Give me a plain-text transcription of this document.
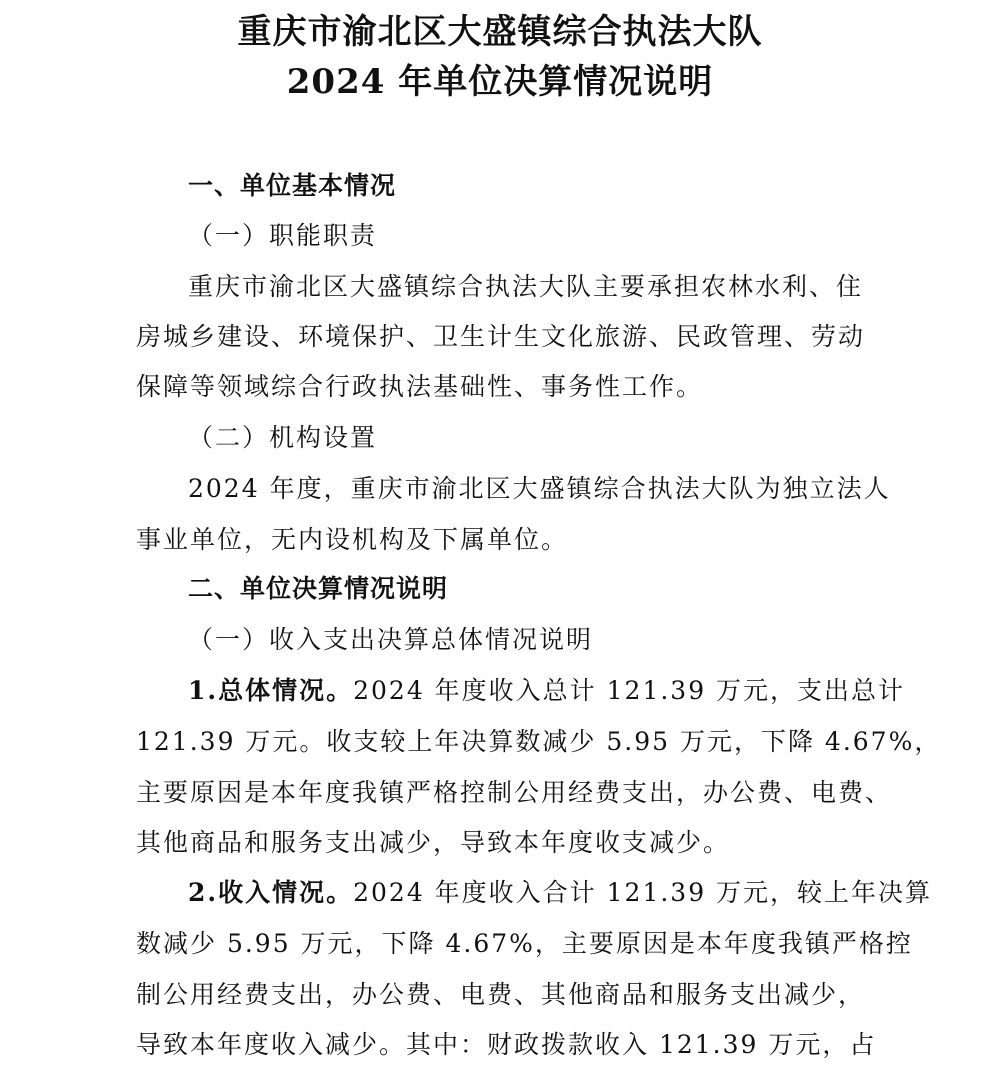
重庆市渝北区大盛镇综合执法大队
2024 年单位决算情况说明
一、单位基本情况
（一）职能职责
重庆市渝北区大盛镇综合执法大队主要承担农林水利、住
房城乡建设、环境保护、卫生计生文化旅游、民政管理、劳动
保障等领域综合行政执法基础性、事务性工作。
（二）机构设置
2024 年度，重庆市渝北区大盛镇综合执法大队为独立法人
事业单位，无内设机构及下属单位。
二、单位决算情况说明
（一）收入支出决算总体情况说明
1.总体情况。2024 年度收入总计 121.39 万元，支出总计
121.39 万元。收支较上年决算数减少 5.95 万元，下降 4.67%，
主要原因是本年度我镇严格控制公用经费支出，办公费、电费、
其他商品和服务支出减少，导致本年度收支减少。
2.收入情况。2024 年度收入合计 121.39 万元，较上年决算
数减少 5.95 万元，下降 4.67%，主要原因是本年度我镇严格控
制公用经费支出，办公费、电费、其他商品和服务支出减少，
导致本年度收入减少。其中：财政拨款收入 121.39 万元，占
